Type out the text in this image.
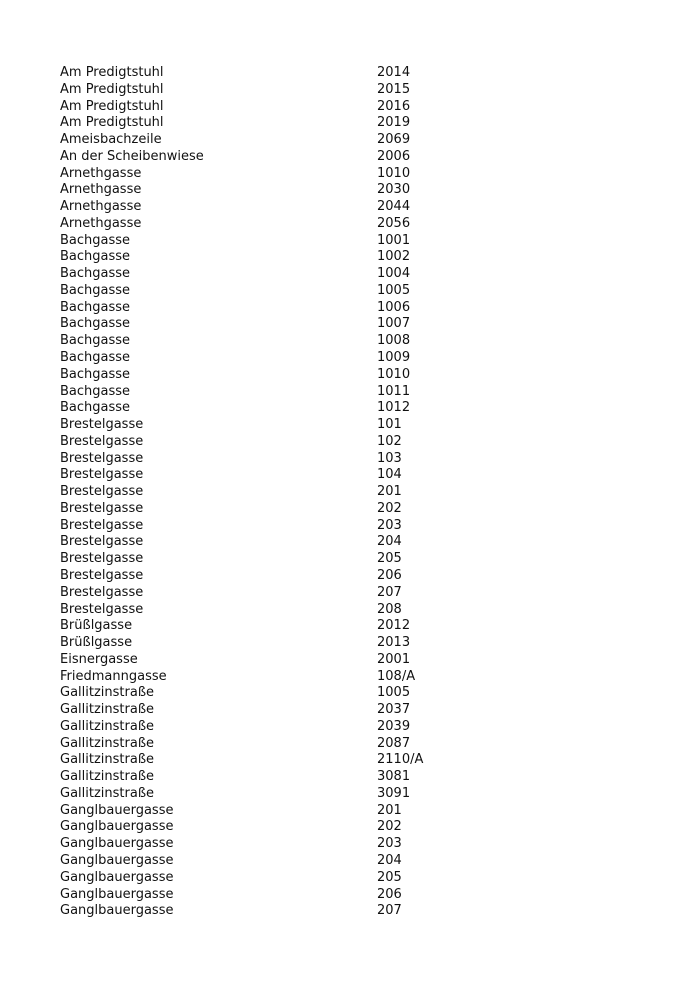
Am Predigtstuhl	2014
Am Predigtstuhl	2015
Am Predigtstuhl	2016
Am Predigtstuhl	2019
Ameisbachzeile	2069
An der Scheibenwiese	2006
Arnethgasse	1010
Arnethgasse	2030
Arnethgasse	2044
Arnethgasse	2056
Bachgasse	1001
Bachgasse	1002
Bachgasse	1004
Bachgasse	1005
Bachgasse	1006
Bachgasse	1007
Bachgasse	1008
Bachgasse	1009
Bachgasse	1010
Bachgasse	1011
Bachgasse	1012
Brestelgasse	101
Brestelgasse	102
Brestelgasse	103
Brestelgasse	104
Brestelgasse	201
Brestelgasse	202
Brestelgasse	203
Brestelgasse	204
Brestelgasse	205
Brestelgasse	206
Brestelgasse	207
Brestelgasse	208
Brüßlgasse	2012
Brüßlgasse	2013
Eisnergasse	2001
Friedmanngasse	108/A
Gallitzinstraße	1005
Gallitzinstraße	2037
Gallitzinstraße	2039
Gallitzinstraße	2087
Gallitzinstraße	2110/A
Gallitzinstraße	3081
Gallitzinstraße	3091
Ganglbauergasse	201
Ganglbauergasse	202
Ganglbauergasse	203
Ganglbauergasse	204
Ganglbauergasse	205
Ganglbauergasse	206
Ganglbauergasse	207
